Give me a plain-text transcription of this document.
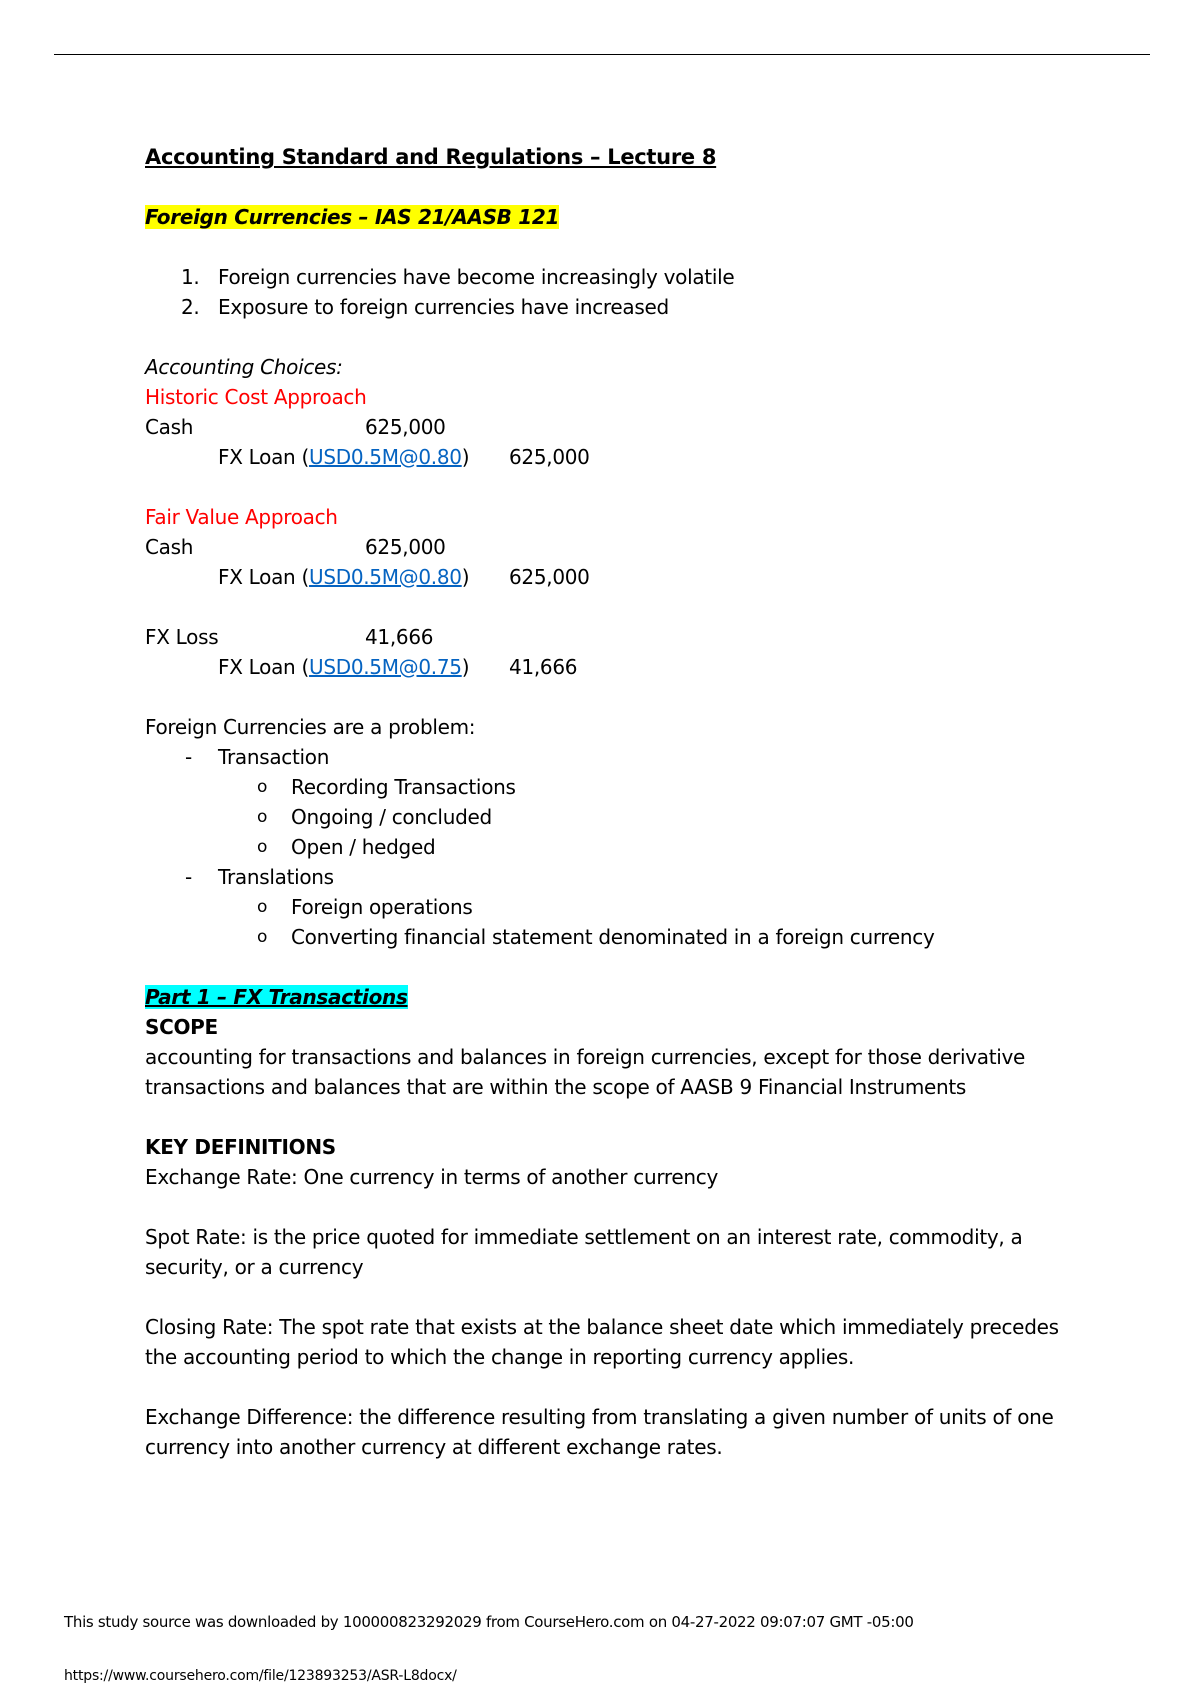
Accounting Standard and Regulations – Lecture 8
Foreign Currencies – IAS 21/AASB 121
1. Foreign currencies have become increasingly volatile
2. Exposure to foreign currencies have increased
Accounting Choices:
Historic Cost Approach
Cash	625,000
FX Loan (USD0.5M@0.80) 625,000
Fair Value Approach
Cash	625,000
FX Loan (USD0.5M@0.80) 625,000
FX Loss	41,666
FX Loan (USD0.5M@0.75) 41,666
Foreign Currencies are a problem:
- Transaction
o Recording Transactions
o Ongoing / concluded
o Open / hedged
- Translations
o Foreign operations
o Converting financial statement denominated in a foreign currency
Part 1 – FX Transactions
SCOPE
accounting for transactions and balances in foreign currencies, except for those derivative
transactions and balances that are within the scope of AASB 9 Financial Instruments
KEY DEFINITIONS
Exchange Rate: One currency in terms of another currency
Spot Rate: is the price quoted for immediate settlement on an interest rate, commodity, a
security, or a currency
Closing Rate: The spot rate that exists at the balance sheet date which immediately precedes
the accounting period to which the change in reporting currency applies.
Exchange Difference: the difference resulting from translating a given number of units of one
currency into another currency at different exchange rates.
This study source was downloaded by 100000823292029 from CourseHero.com on 04-27-2022 09:07:07 GMT -05:00
https://www.coursehero.com/file/123893253/ASR-L8docx/
